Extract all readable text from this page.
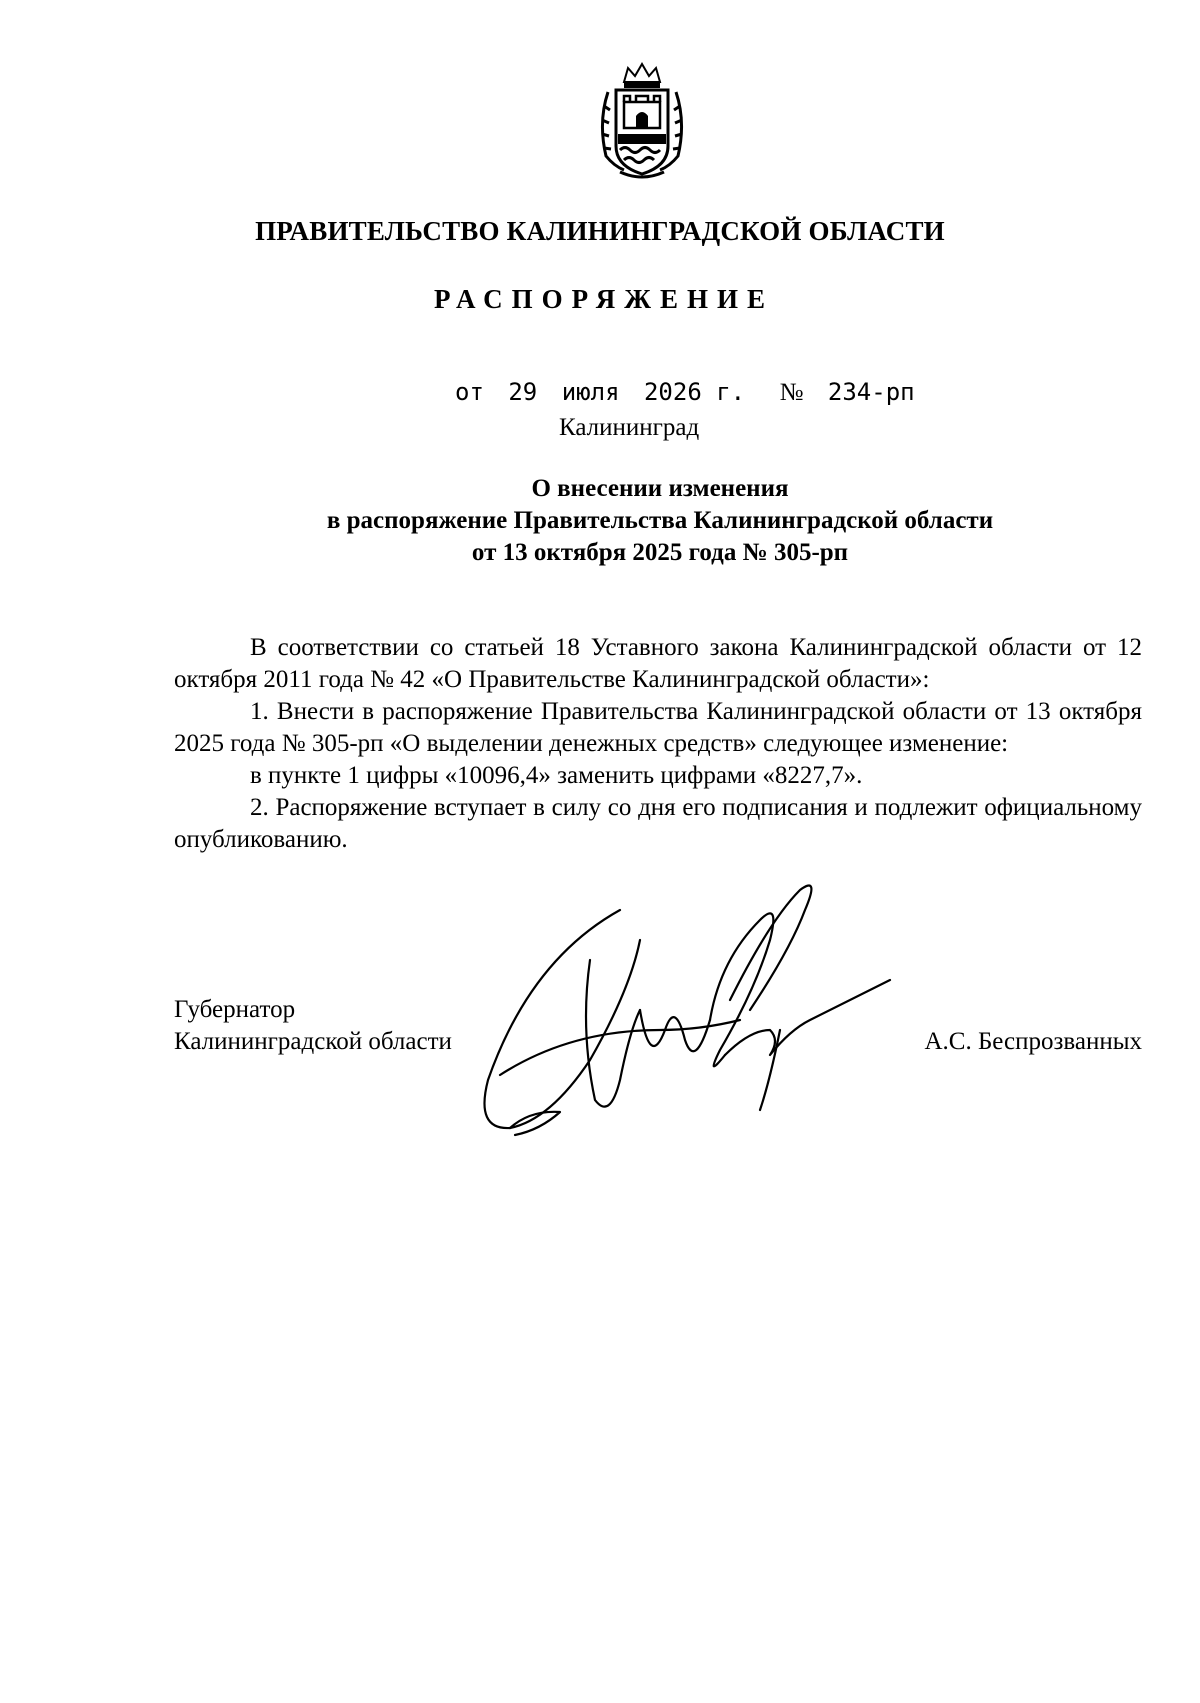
ПРАВИТЕЛЬСТВО КАЛИНИНГРАДСКОЙ ОБЛАСТИ
РАСПОРЯЖЕНИЕ
от 29 июля 2026 г. № 234-рп
Калининград
О внесении изменения
в распоряжение Правительства Калининградской области
от 13 октября 2025 года № 305-рп

В соответствии со статьей 18 Уставного закона Калининградской области от 12 октября 2011 года № 42 «О Правительстве Калининградской области»:

1. Внести в распоряжение Правительства Калининградской области от 13 октября 2025 года № 305-рп «О выделении денежных средств» следующее изменение:

в пункте 1 цифры «10096,4» заменить цифрами «8227,7».

2. Распоряжение вступает в силу со дня его подписания и подлежит официальному опубликованию.

Губернатор
Калининградской области	А.С. Беспрозванных
